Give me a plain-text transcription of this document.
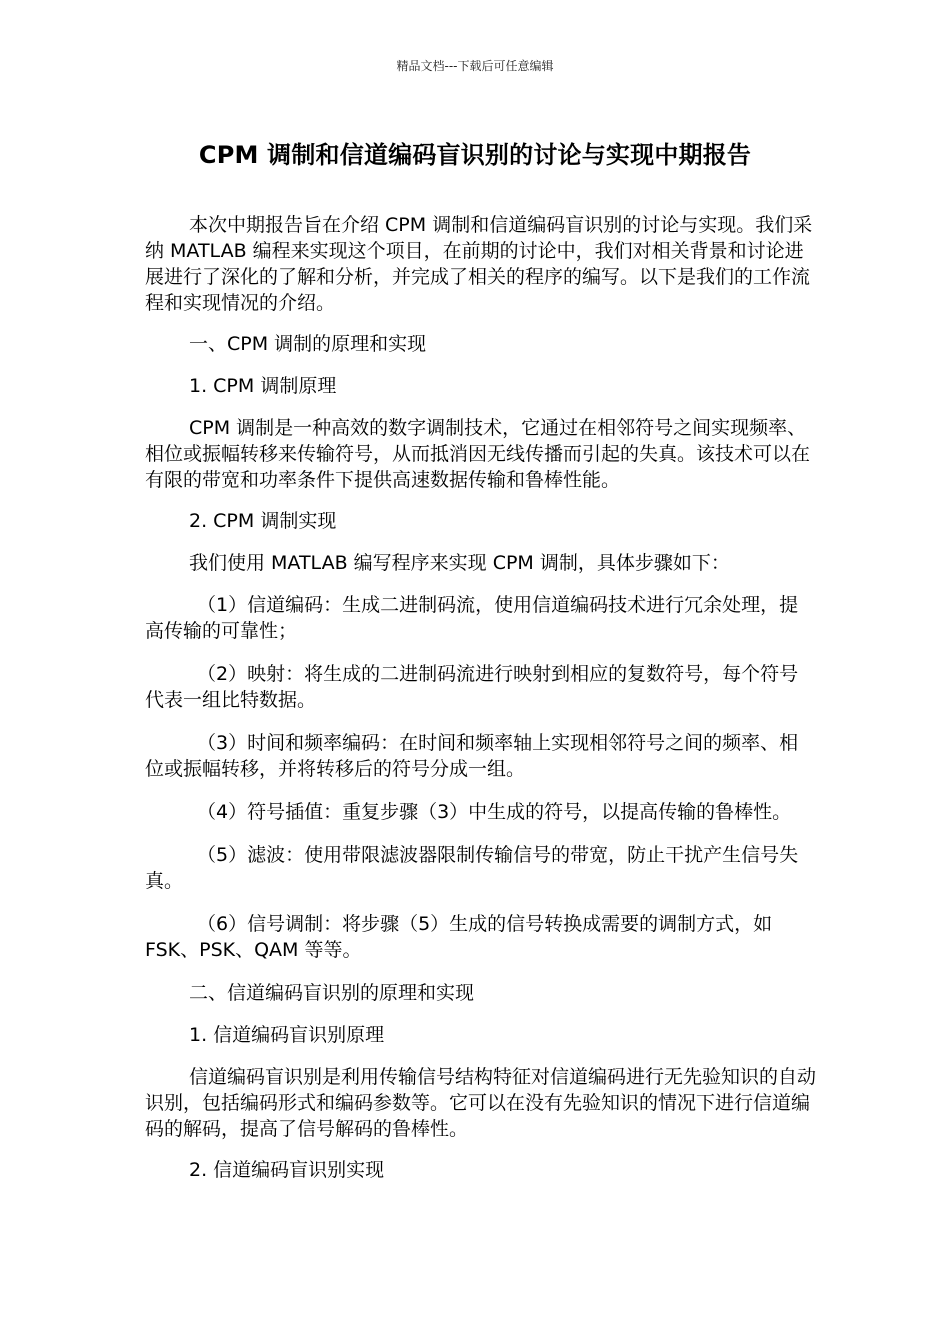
精品文档---下载后可任意编辑
CPM 调制和信道编码盲识别的讨论与实现中期报告

本次中期报告旨在介绍 CPM 调制和信道编码盲识别的讨论与实现。我们采纳 MATLAB 编程来实现这个项目，在前期的讨论中，我们对相关背景和讨论进展进行了深化的了解和分析，并完成了相关的程序的编写。以下是我们的工作流程和实现情况的介绍。

一、CPM 调制的原理和实现

1. CPM 调制原理

CPM 调制是一种高效的数字调制技术，它通过在相邻符号之间实现频率、相位或振幅转移来传输符号，从而抵消因无线传播而引起的失真。该技术可以在有限的带宽和功率条件下提供高速数据传输和鲁棒性能。

2. CPM 调制实现

我们使用 MATLAB 编写程序来实现 CPM 调制，具体步骤如下：

（1）信道编码：生成二进制码流，使用信道编码技术进行冗余处理，提高传输的可靠性；

（2）映射：将生成的二进制码流进行映射到相应的复数符号，每个符号代表一组比特数据。

（3）时间和频率编码：在时间和频率轴上实现相邻符号之间的频率、相位或振幅转移，并将转移后的符号分成一组。

（4）符号插值：重复步骤（3）中生成的符号，以提高传输的鲁棒性。

（5）滤波：使用带限滤波器限制传输信号的带宽，防止干扰产生信号失真。

（6）信号调制：将步骤（5）生成的信号转换成需要的调制方式，如 FSK、PSK、QAM 等等。

二、信道编码盲识别的原理和实现

1. 信道编码盲识别原理

信道编码盲识别是利用传输信号结构特征对信道编码进行无先验知识的自动识别，包括编码形式和编码参数等。它可以在没有先验知识的情况下进行信道编码的解码，提高了信号解码的鲁棒性。

2. 信道编码盲识别实现
